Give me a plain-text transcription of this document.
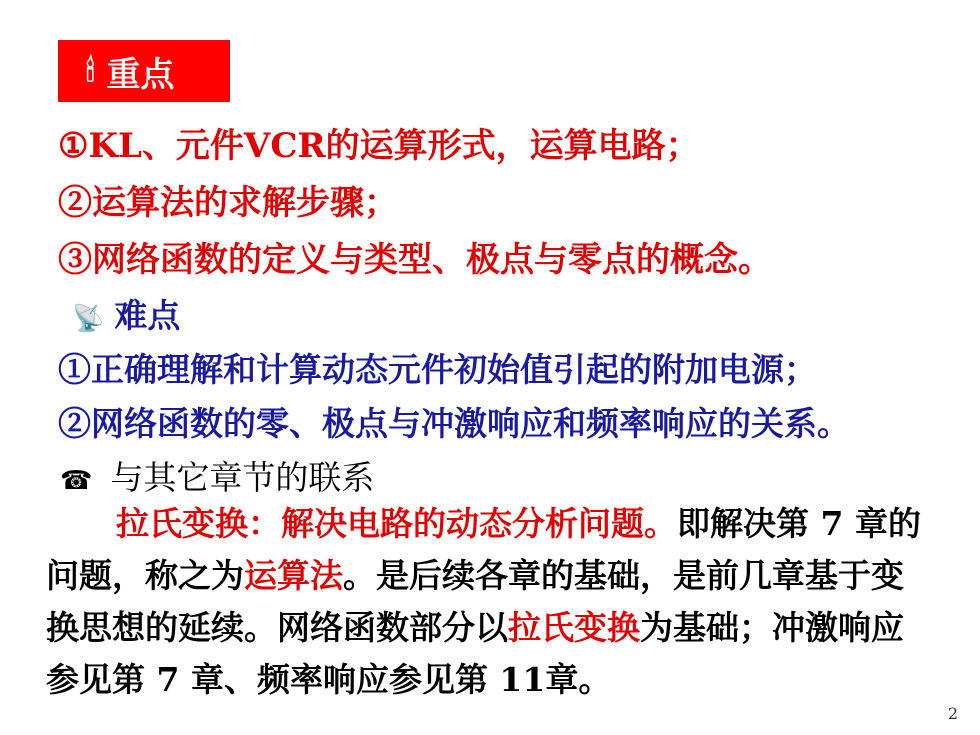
🕯 重点
①KL、元件VCR的运算形式，运算电路；
②运算法的求解步骤；
③网络函数的定义与类型、极点与零点的概念。
📡 难点
①正确理解和计算动态元件初始值引起的附加电源；
②网络函数的零、极点与冲激响应和频率响应的关系。
☎ 与其它章节的联系
拉氏变换：解决电路的动态分析问题。即解决第 7 章的问题，称之为运算法。是后续各章的基础，是前几章基于变换思想的延续。网络函数部分以拉氏变换为基础；冲激响应参见第 7 章、频率响应参见第 11章。
2
